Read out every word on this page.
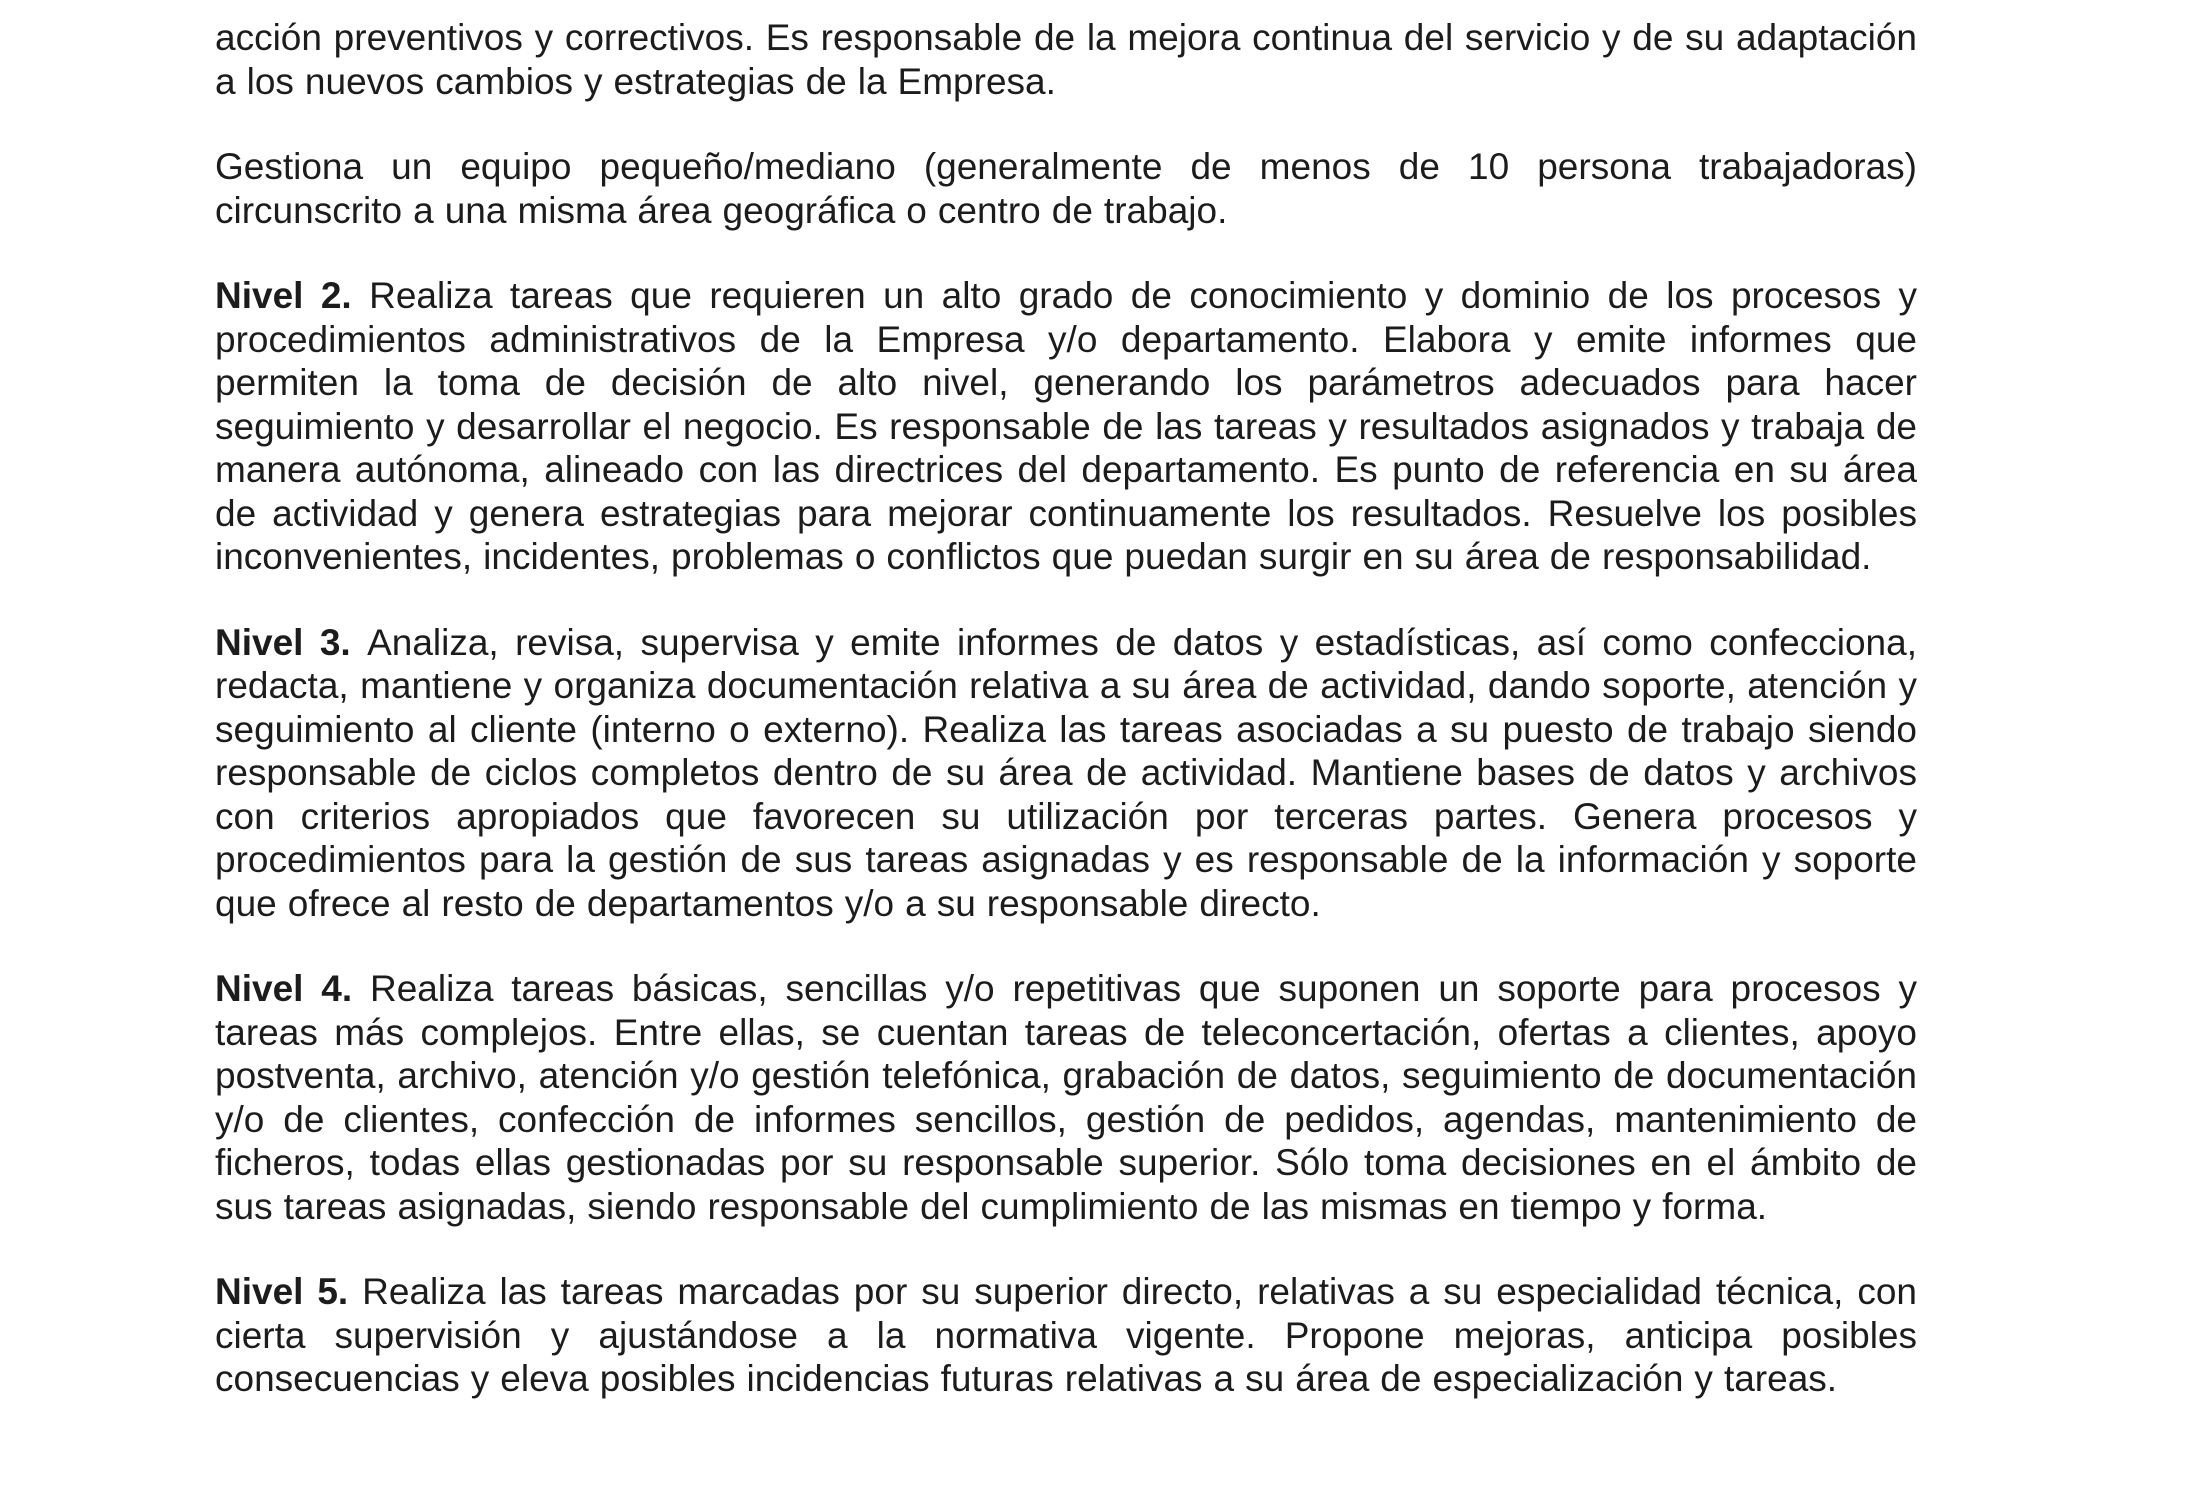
acción preventivos y correctivos. Es responsable de la mejora continua del servicio y de su adaptación a los nuevos cambios y estrategias de la Empresa.

Gestiona un equipo pequeño/mediano (generalmente de menos de 10 persona trabajadoras) circunscrito a una misma área geográfica o centro de trabajo.

Nivel 2. Realiza tareas que requieren un alto grado de conocimiento y dominio de los procesos y procedimientos administrativos de la Empresa y/o departamento. Elabora y emite informes que permiten la toma de decisión de alto nivel, generando los parámetros adecuados para hacer seguimiento y desarrollar el negocio. Es responsable de las tareas y resultados asignados y trabaja de manera autónoma, alineado con las directrices del departamento. Es punto de referencia en su área de actividad y genera estrategias para mejorar continuamente los resultados. Resuelve los posibles inconvenientes, incidentes, problemas o conflictos que puedan surgir en su área de responsabilidad.

Nivel 3. Analiza, revisa, supervisa y emite informes de datos y estadísticas, así como confecciona, redacta, mantiene y organiza documentación relativa a su área de actividad, dando soporte, atención y seguimiento al cliente (interno o externo). Realiza las tareas asociadas a su puesto de trabajo siendo responsable de ciclos completos dentro de su área de actividad. Mantiene bases de datos y archivos con criterios apropiados que favorecen su utilización por terceras partes. Genera procesos y procedimientos para la gestión de sus tareas asignadas y es responsable de la información y soporte que ofrece al resto de departamentos y/o a su responsable directo.

Nivel 4. Realiza tareas básicas, sencillas y/o repetitivas que suponen un soporte para procesos y tareas más complejos. Entre ellas, se cuentan tareas de teleconcertación, ofertas a clientes, apoyo postventa, archivo, atención y/o gestión telefónica, grabación de datos, seguimiento de documentación y/o de clientes, confección de informes sencillos, gestión de pedidos, agendas, mantenimiento de ficheros, todas ellas gestionadas por su responsable superior. Sólo toma decisiones en el ámbito de sus tareas asignadas, siendo responsable del cumplimiento de las mismas en tiempo y forma.

Nivel 5. Realiza las tareas marcadas por su superior directo, relativas a su especialidad técnica, con cierta supervisión y ajustándose a la normativa vigente. Propone mejoras, anticipa posibles consecuencias y eleva posibles incidencias futuras relativas a su área de especialización y tareas.
